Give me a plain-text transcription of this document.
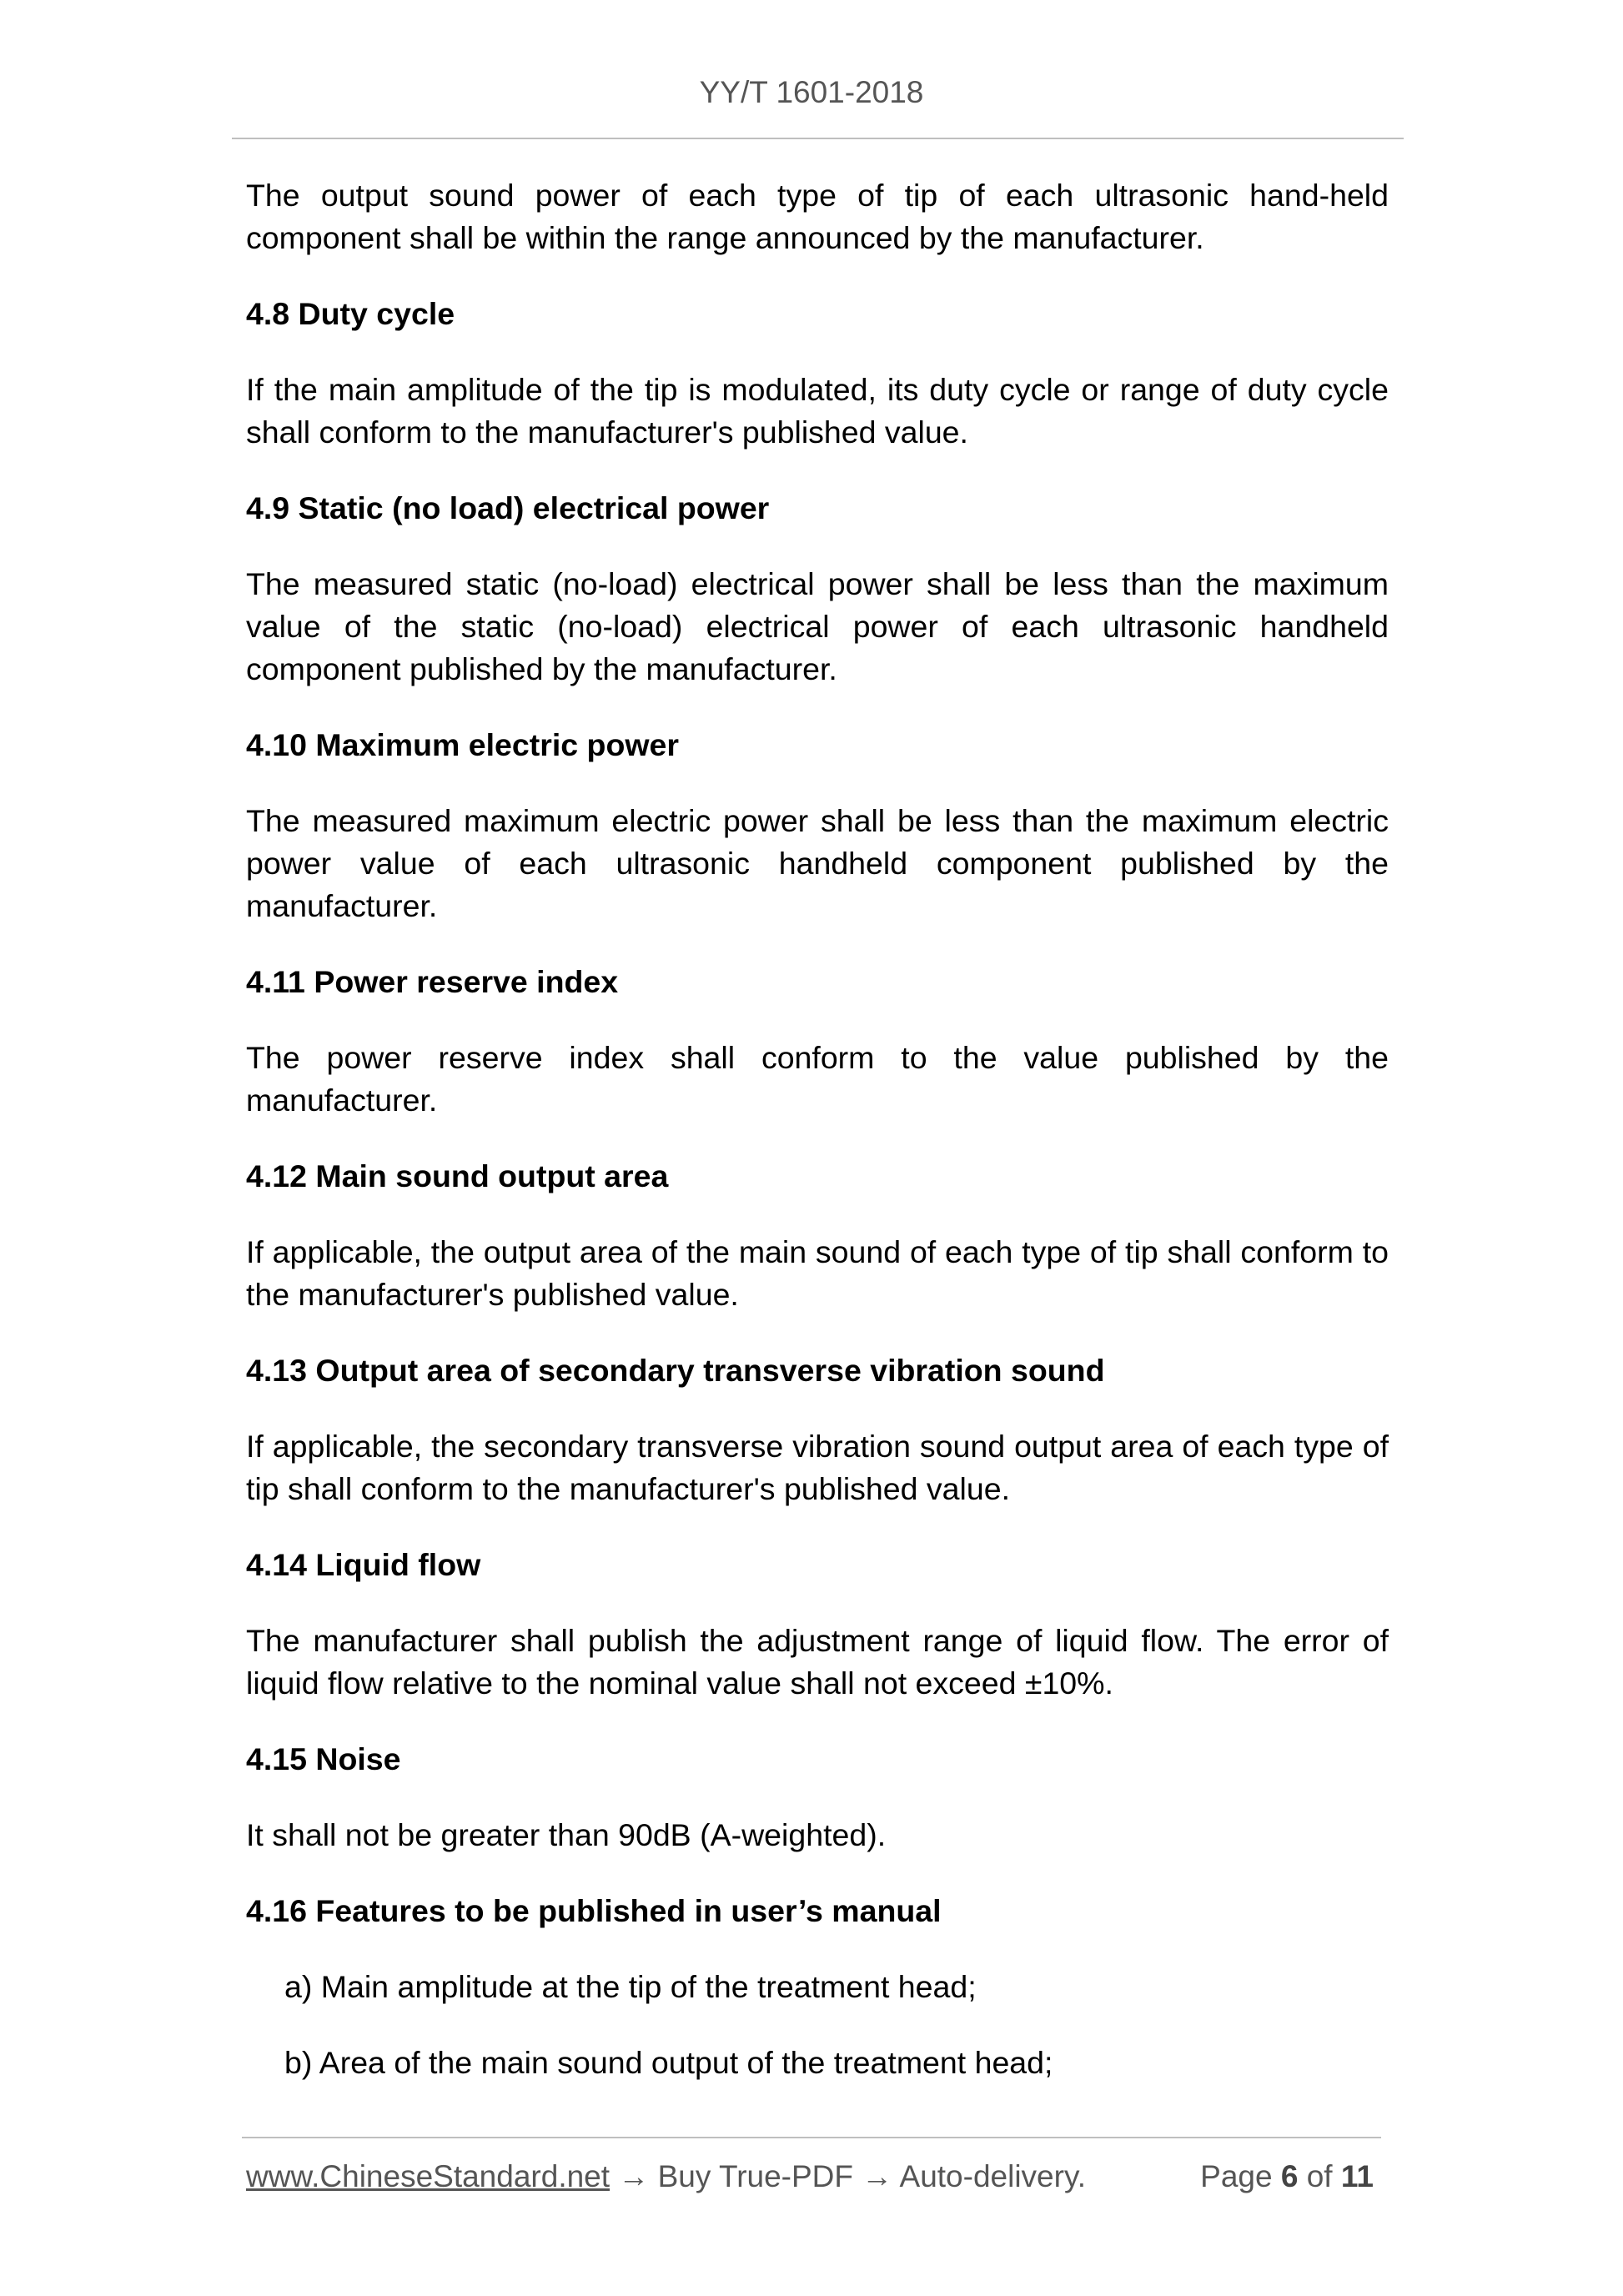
YY/T 1601-2018

The output sound power of each type of tip of each ultrasonic hand-held component shall be within the range announced by the manufacturer.

4.8 Duty cycle

If the main amplitude of the tip is modulated, its duty cycle or range of duty cycle shall conform to the manufacturer's published value.

4.9 Static (no load) electrical power

The measured static (no-load) electrical power shall be less than the maximum value of the static (no-load) electrical power of each ultrasonic handheld component published by the manufacturer.

4.10 Maximum electric power

The measured maximum electric power shall be less than the maximum electric power value of each ultrasonic handheld component published by the manufacturer.

4.11 Power reserve index

The power reserve index shall conform to the value published by the manufacturer.

4.12 Main sound output area

If applicable, the output area of the main sound of each type of tip shall conform to the manufacturer's published value.

4.13 Output area of secondary transverse vibration sound

If applicable, the secondary transverse vibration sound output area of each type of tip shall conform to the manufacturer's published value.

4.14 Liquid flow

The manufacturer shall publish the adjustment range of liquid flow. The error of liquid flow relative to the nominal value shall not exceed ±10%.

4.15 Noise

It shall not be greater than 90dB (A-weighted).

4.16 Features to be published in user’s manual
a) Main amplitude at the tip of the treatment head;
b) Area of the main sound output of the treatment head;
www.ChineseStandard.net → Buy True-PDF → Auto-delivery.	Page 6 of 11
